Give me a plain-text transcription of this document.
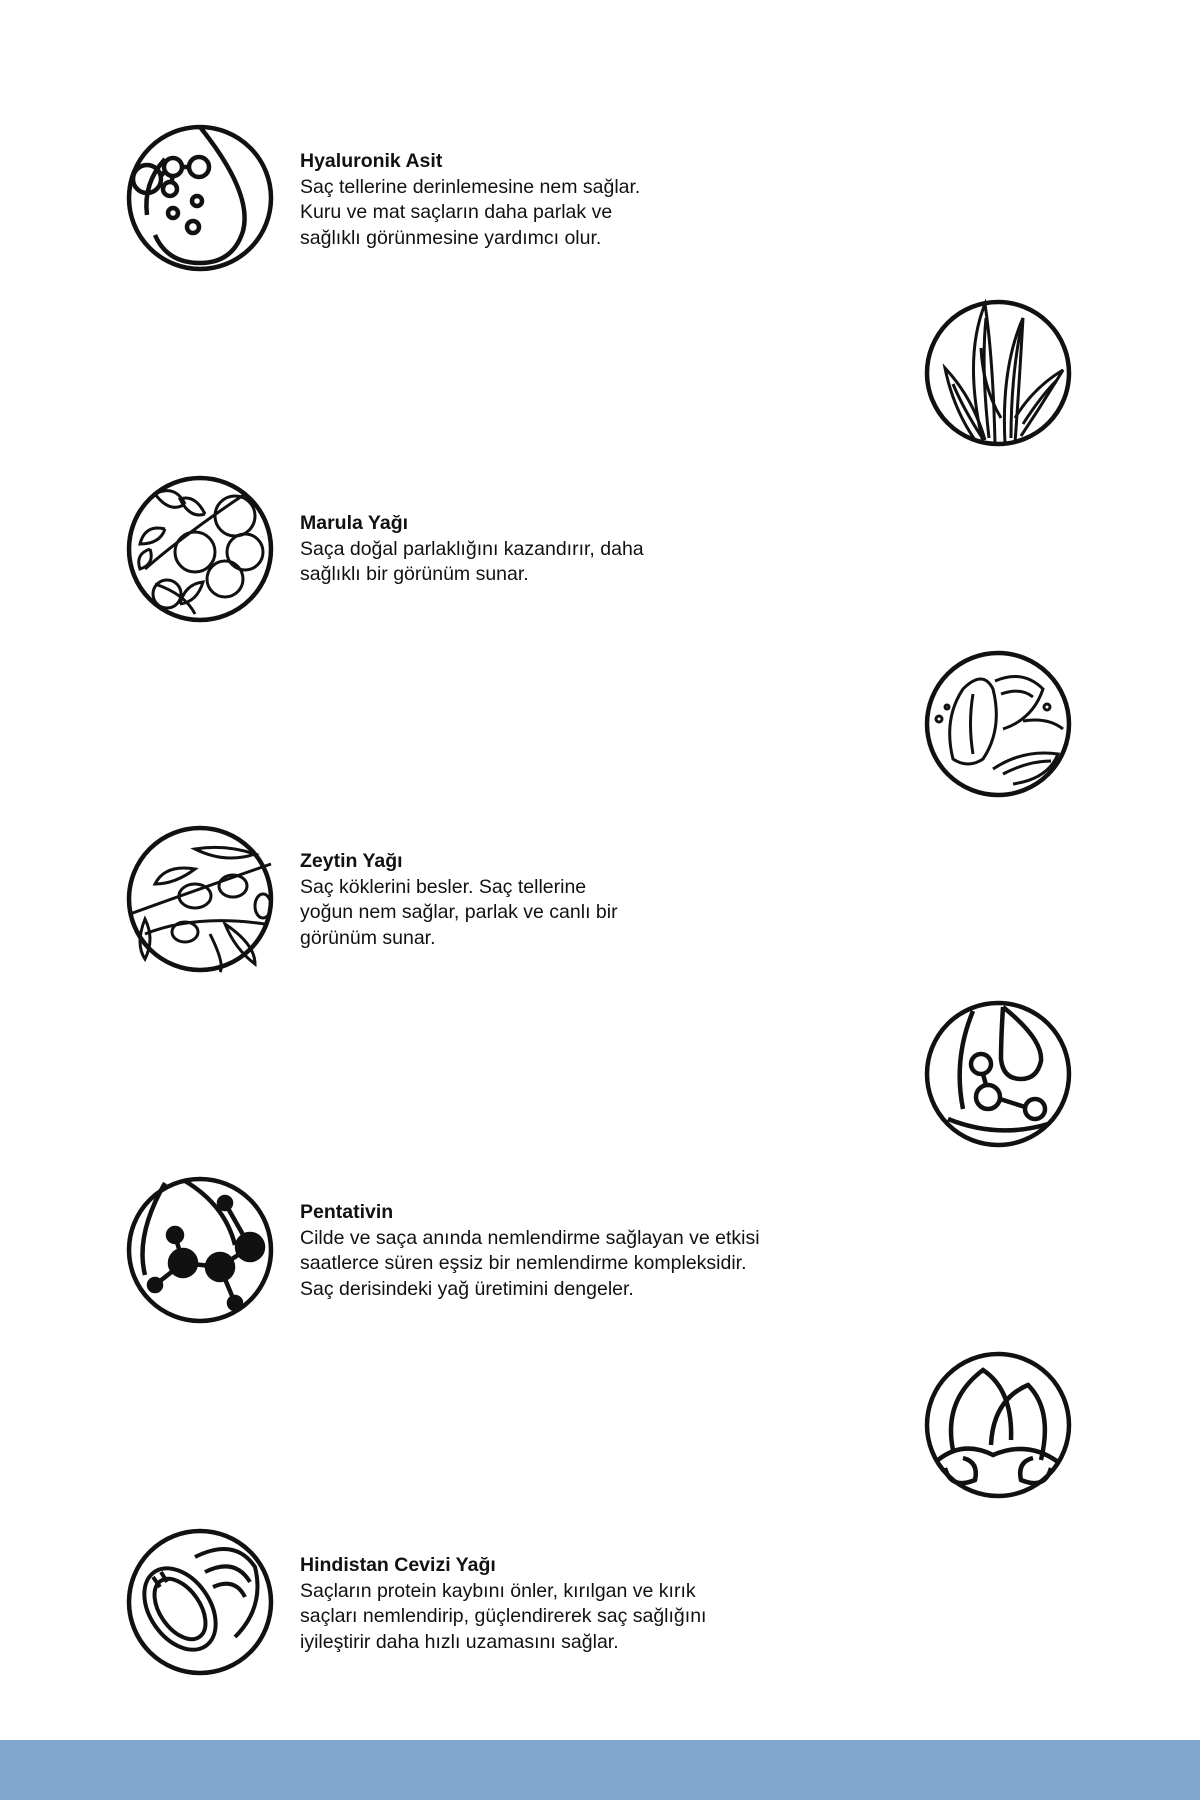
Hyaluronik Asit
Saç tellerine derinlemesine nem sağlar.
Kuru ve mat saçların daha parlak ve
sağlıklı görünmesine yardımcı olur.
Marula Yağı
Saça doğal parlaklığını kazandırır, daha
sağlıklı bir görünüm sunar.
Zeytin Yağı
Saç köklerini besler. Saç tellerine
yoğun nem sağlar, parlak ve canlı bir
görünüm sunar.
Pentativin
Cilde ve saça anında nemlendirme sağlayan ve etkisi
saatlerce süren eşsiz bir nemlendirme kompleksidir.
Saç derisindeki yağ üretimini dengeler.
Hindistan Cevizi Yağı
Saçların protein kaybını önler, kırılgan ve kırık
saçları nemlendirip, güçlendirerek saç sağlığını
iyileştirir daha hızlı uzamasını sağlar.
